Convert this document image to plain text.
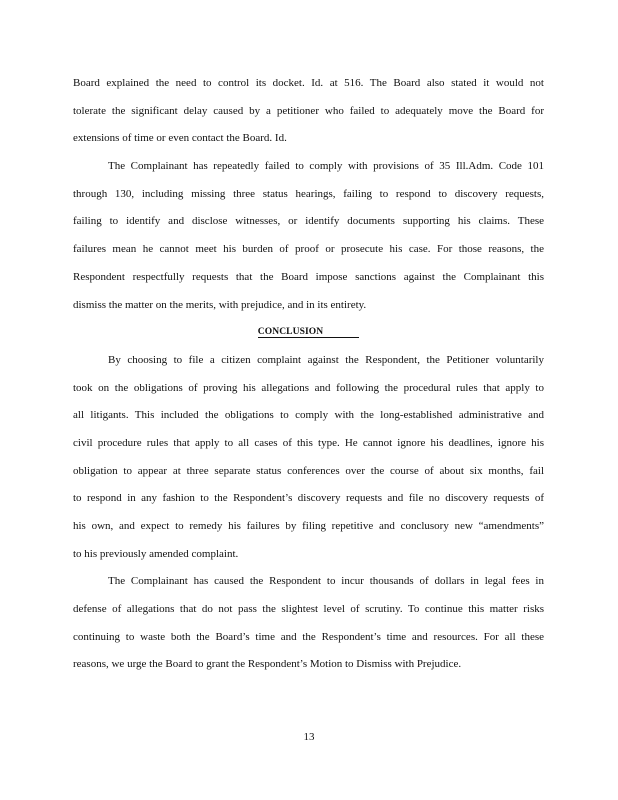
Board explained the need to control its docket. Id. at 516. The Board also stated it would not
tolerate the significant delay caused by a petitioner who failed to adequately move the Board for
extensions of time or even contact the Board. Id.
The Complainant has repeatedly failed to comply with provisions of 35 Ill.Adm. Code 101
through 130, including missing three status hearings, failing to respond to discovery requests,
failing to identify and disclose witnesses, or identify documents supporting his claims. These
failures mean he cannot meet his burden of proof or prosecute his case. For those reasons, the
Respondent respectfully requests that the Board impose sanctions against the Complainant this
dismiss the matter on the merits, with prejudice, and in its entirety.
CONCLUSION
By choosing to file a citizen complaint against the Respondent, the Petitioner voluntarily
took on the obligations of proving his allegations and following the procedural rules that apply to
all litigants. This included the obligations to comply with the long-established administrative and
civil procedure rules that apply to all cases of this type. He cannot ignore his deadlines, ignore his
obligation to appear at three separate status conferences over the course of about six months, fail
to respond in any fashion to the Respondent’s discovery requests and file no discovery requests of
his own, and expect to remedy his failures by filing repetitive and conclusory new “amendments”
to his previously amended complaint.
The Complainant has caused the Respondent to incur thousands of dollars in legal fees in
defense of allegations that do not pass the slightest level of scrutiny. To continue this matter risks
continuing to waste both the Board’s time and the Respondent’s time and resources. For all these
reasons, we urge the Board to grant the Respondent’s Motion to Dismiss with Prejudice.
13
